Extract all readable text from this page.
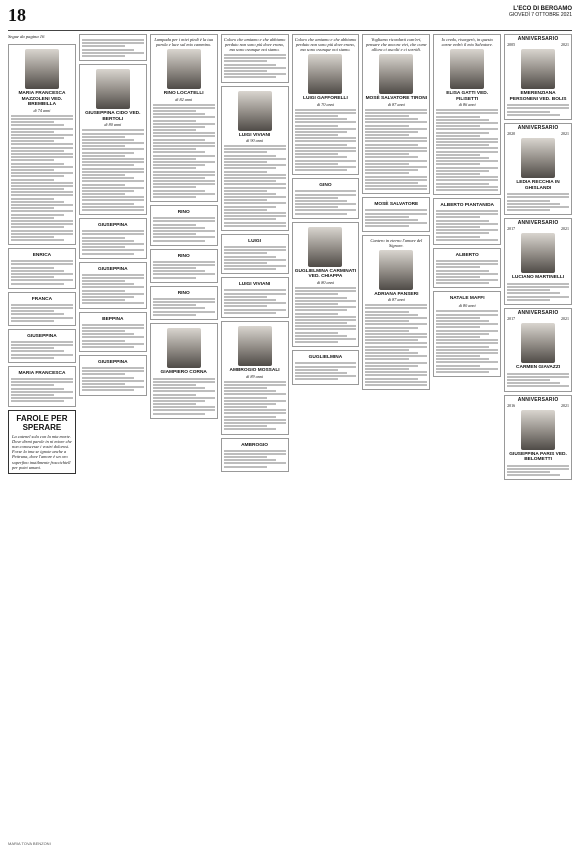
18	L'ECO DI BERGAMO
GIOVEDÌ 7 OTTOBRE 2021
Segue da pagina 16
MARIA FRANCESCA MAZZOLENI VED. BREMBILLA
di 74 anni
ENRICA
FRANCA
GIUSEPPINA
MARIA FRANCESCA
FAROLE PER SPERARE
La catenel sola con la mia morte. Dove dirmi parole in ni miore che non conoscesse i vostri dolorosi. Forse la ima se ignote anche a Pettruna, dove l'amore è un oro soperfino inutilmente fraccichiell per potet umani.
GIUSEPPINA CIDO VED. BERTOLI
di 80 anni
GIUSEPPINA
GIUSEPPINA
BEPPINA
GIUSEPPINA
Lampada per i miei piedi è la tua parola e luce sul mio cammino.
RINO LOCATELLI
di 82 anni
RINO
RINO
RINO
GIAMPIERO CORNA
Coloro che amiamo e che abbiamo perduto non sono più dove erano, ma sono ovunque noi siamo.
LUIGI VIVIANI
di 90 anni
LUIGI
LUIGI VIVIANI
AMBROGIO MOSSALI
di 89 anni
AMBROGIO
Coloro che amiamo e che abbiamo perduto non sono più dove erano, ma sono ovunque noi siamo.
LUIGI GAFFORELLI
di 70 anni
GINO
GUGLIELMINA CARMINATI VED. CHIAPPA
di 80 anni
GUGLIELMINA
Vogliamo ricordarti com'eri, pensare che ancora vivi, che come allora ci ascolti e ci sorridi.
MOSÈ SALVATORE TIRONI
di 87 anni
MOSÈ SALVATORE
Cantero in eterno l'amore del Signore.
ADRIANA PANSERI
di 87 anni
Io credo, risorgerò, in questo carne vedrò il mio Salvatore.
ELISA GATTI VED. FILISETTI
di 86 anni
ALBERTO PIANTANIDA
ALBERTO
NATALE MAFFI
di 80 anni
ANNIVERSARIO
2005	2021
EMERENZIANA PERSONENI VED. BOLIS
ANNIVERSARIO
2020	2021
LEDIA RECCHIA IN GHISLANDI
ANNIVERSARIO
2017	2021
LUCIANO MARTINELLI
ANNIVERSARIO
2017	2021
CARMEN GIAVAZZI
ANNIVERSARIO
2016	2021
GIUSEPPINA PARIS VED. BELOMETTI
MARIA TOVA BENZONI
